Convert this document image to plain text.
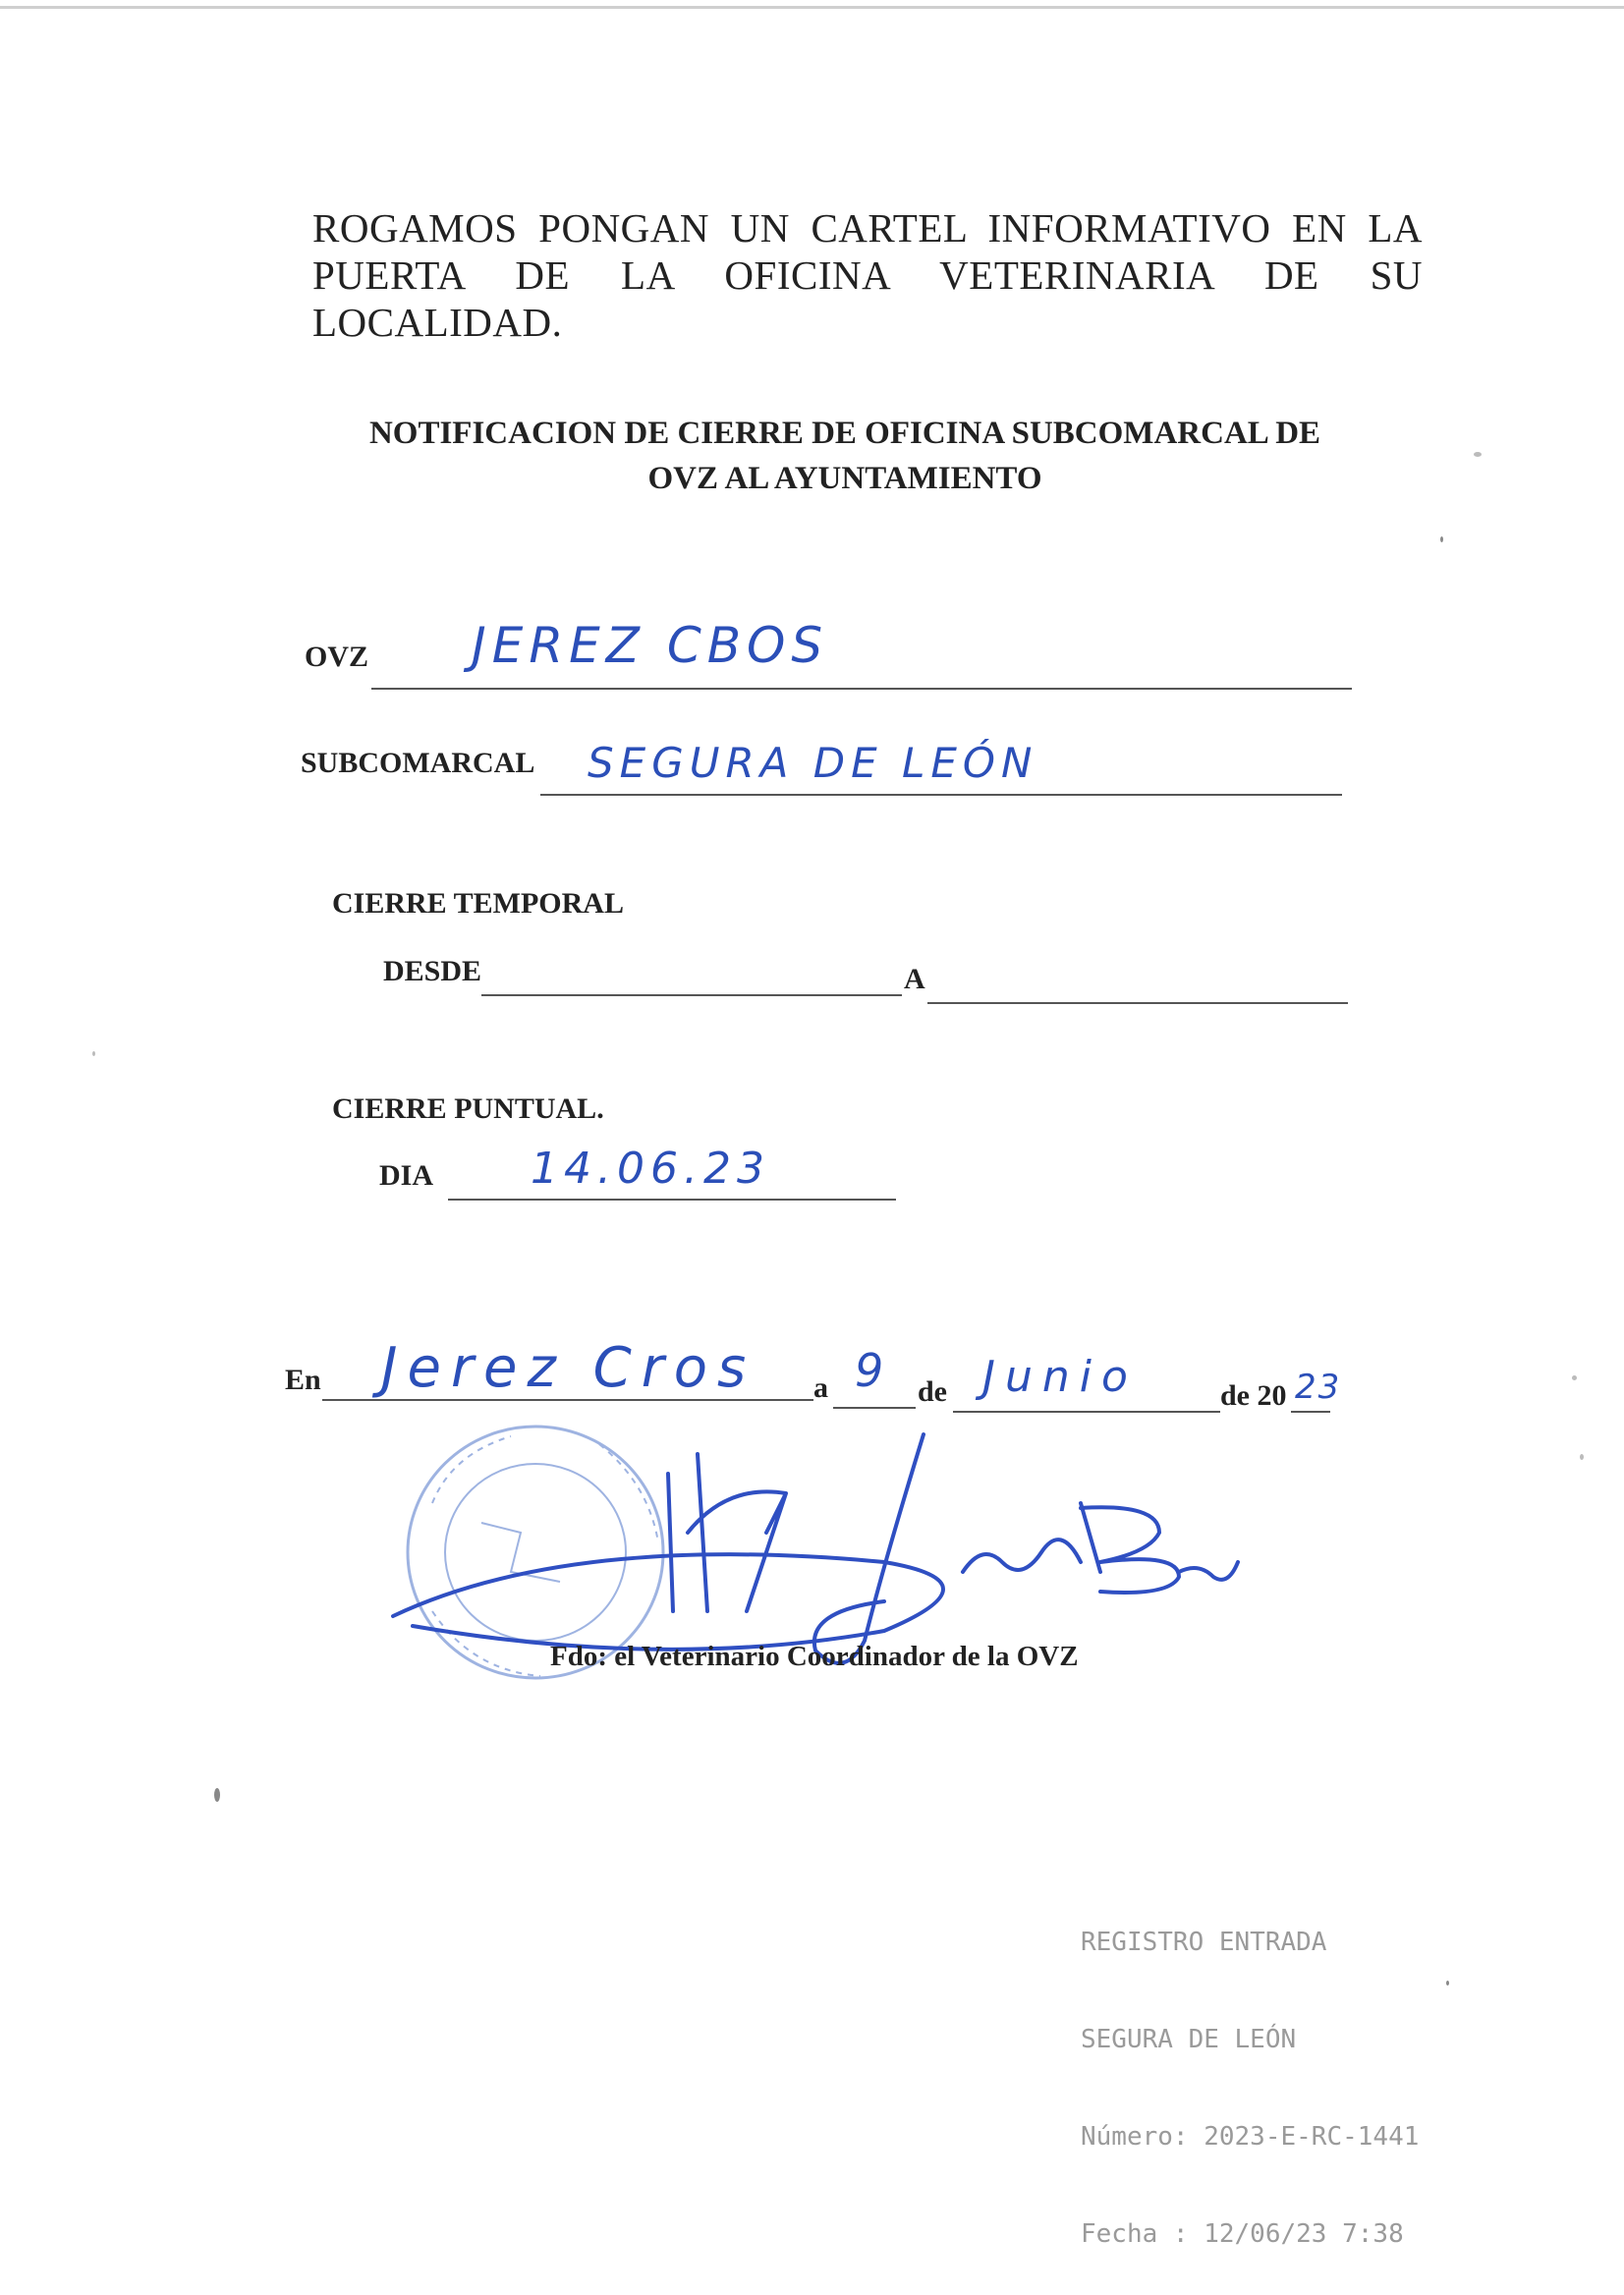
ROGAMOS PONGAN UN CARTEL INFORMATIVO EN LA PUERTA DE LA OFICINA VETERINARIA DE SU LOCALIDAD.
NOTIFICACION DE CIERRE DE OFICINA SUBCOMARCAL DE
OVZ AL AYUNTAMIENTO
OVZ JEREZ CBOS
SUBCOMARCAL SEGURA DE LEÓN
CIERRE TEMPORAL
DESDE	A
CIERRE PUNTUAL.
DIA 14.06.23
En Jerez Cros a 9 de Junio	de 20 23
Fdo: el Veterinario Coordinador de la OVZ

REGISTRO ENTRADA

SEGURA DE LEÓN

Número: 2023-E-RC-1441

Fecha : 12/06/23 7:38
